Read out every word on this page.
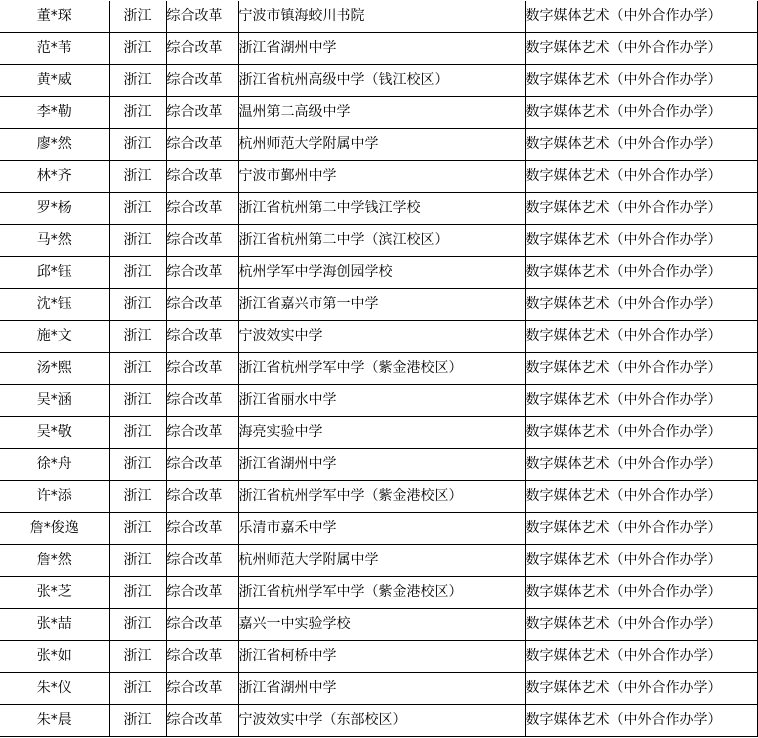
董*琛	浙江	综合改革	宁波市镇海蛟川书院	数字媒体艺术（中外合作办学）
范*苇	浙江	综合改革	浙江省湖州中学	数字媒体艺术（中外合作办学）
黄*威	浙江	综合改革	浙江省杭州高级中学（钱江校区）	数字媒体艺术（中外合作办学）
李*勒	浙江	综合改革	温州第二高级中学	数字媒体艺术（中外合作办学）
廖*然	浙江	综合改革	杭州师范大学附属中学	数字媒体艺术（中外合作办学）
林*齐	浙江	综合改革	宁波市鄞州中学	数字媒体艺术（中外合作办学）
罗*杨	浙江	综合改革	浙江省杭州第二中学钱江学校	数字媒体艺术（中外合作办学）
马*然	浙江	综合改革	浙江省杭州第二中学（滨江校区）	数字媒体艺术（中外合作办学）
邱*钰	浙江	综合改革	杭州学军中学海创园学校	数字媒体艺术（中外合作办学）
沈*钰	浙江	综合改革	浙江省嘉兴市第一中学	数字媒体艺术（中外合作办学）
施*文	浙江	综合改革	宁波效实中学	数字媒体艺术（中外合作办学）
汤*熙	浙江	综合改革	浙江省杭州学军中学（紫金港校区）	数字媒体艺术（中外合作办学）
吴*涵	浙江	综合改革	浙江省丽水中学	数字媒体艺术（中外合作办学）
吴*敬	浙江	综合改革	海亮实验中学	数字媒体艺术（中外合作办学）
徐*舟	浙江	综合改革	浙江省湖州中学	数字媒体艺术（中外合作办学）
许*添	浙江	综合改革	浙江省杭州学军中学（紫金港校区）	数字媒体艺术（中外合作办学）
詹*俊逸	浙江	综合改革	乐清市嘉禾中学	数字媒体艺术（中外合作办学）
詹*然	浙江	综合改革	杭州师范大学附属中学	数字媒体艺术（中外合作办学）
张*芝	浙江	综合改革	浙江省杭州学军中学（紫金港校区）	数字媒体艺术（中外合作办学）
张*喆	浙江	综合改革	嘉兴一中实验学校	数字媒体艺术（中外合作办学）
张*如	浙江	综合改革	浙江省柯桥中学	数字媒体艺术（中外合作办学）
朱*仪	浙江	综合改革	浙江省湖州中学	数字媒体艺术（中外合作办学）
朱*晨	浙江	综合改革	宁波效实中学（东部校区）	数字媒体艺术（中外合作办学）
